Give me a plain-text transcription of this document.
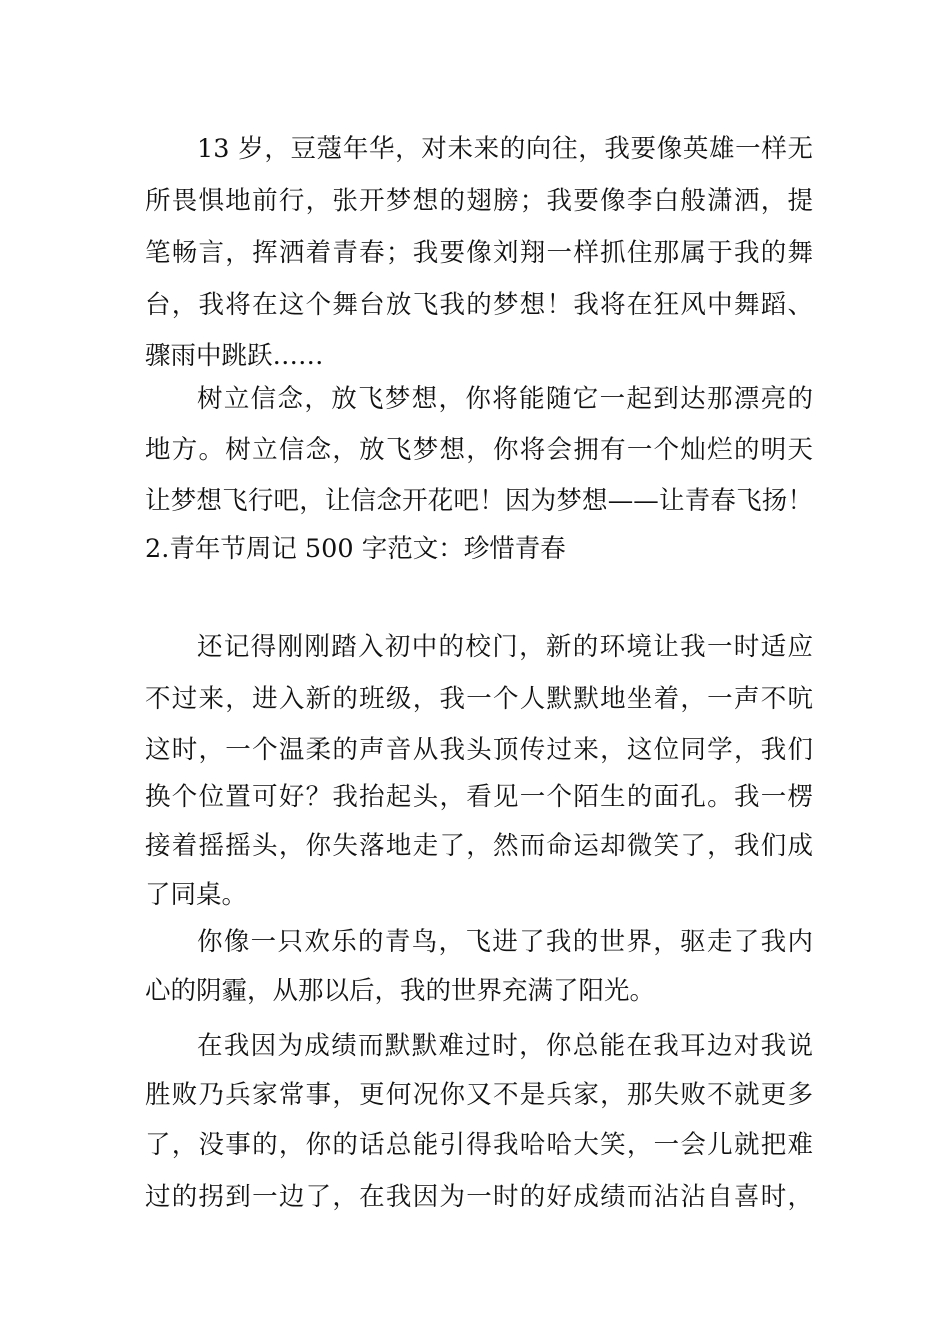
13 岁，豆蔻年华，对未来的向往，我要像英雄一样无
所畏惧地前行，张开梦想的翅膀；我要像李白般潇洒，提
笔畅言，挥洒着青春；我要像刘翔一样抓住那属于我的舞
台，我将在这个舞台放飞我的梦想！我将在狂风中舞蹈、
骤雨中跳跃……
树立信念，放飞梦想，你将能随它一起到达那漂亮的
地方。树立信念，放飞梦想，你将会拥有一个灿烂的明天
让梦想飞行吧，让信念开花吧！因为梦想——让青春飞扬！
2.青年节周记 500 字范文：珍惜青春
还记得刚刚踏入初中的校门，新的环境让我一时适应
不过来，进入新的班级，我一个人默默地坐着，一声不吭
这时，一个温柔的声音从我头顶传过来，这位同学，我们
换个位置可好？我抬起头，看见一个陌生的面孔。我一楞
接着摇摇头，你失落地走了，然而命运却微笑了，我们成
了同桌。
你像一只欢乐的青鸟，飞进了我的世界，驱走了我内
心的阴霾，从那以后，我的世界充满了阳光。
在我因为成绩而默默难过时，你总能在我耳边对我说
胜败乃兵家常事，更何况你又不是兵家，那失败不就更多
了，没事的，你的话总能引得我哈哈大笑，一会儿就把难
过的拐到一边了，在我因为一时的好成绩而沾沾自喜时，
